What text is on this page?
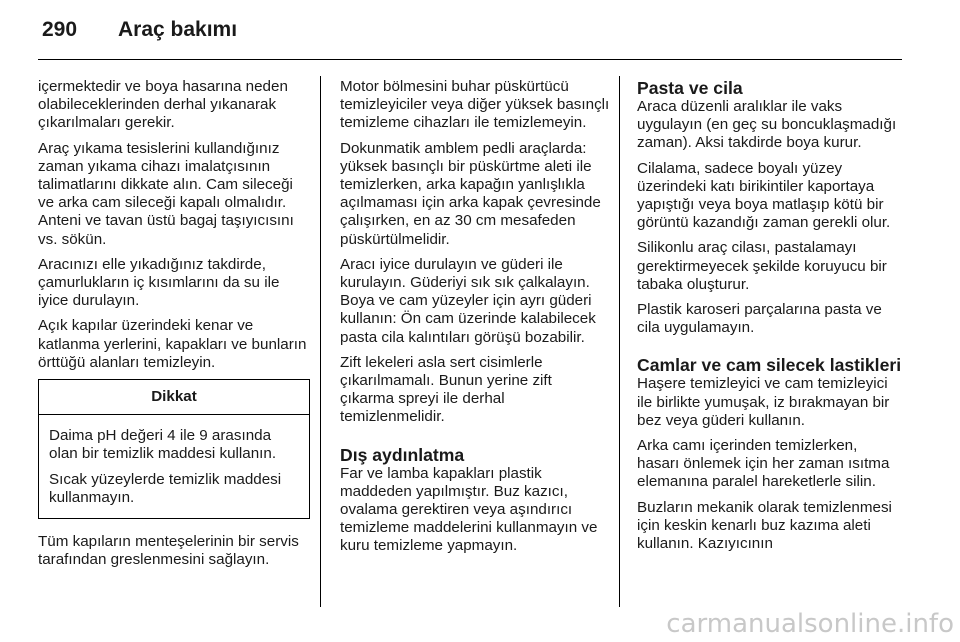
290 Araç bakımı

içermektedir ve boya hasarına neden olabileceklerinden derhal yıkanarak çıkarılmaları gerekir.

Araç yıkama tesislerini kullandığınız zaman yıkama cihazı imalatçısının talimatlarını dikkate alın. Cam sileceği ve arka cam sileceği kapalı olmalıdır. Anteni ve tavan üstü bagaj taşıyıcısını vs. sökün.

Aracınızı elle yıkadığınız takdirde, çamurlukların iç kısımlarını da su ile iyice durulayın.

Açık kapılar üzerindeki kenar ve katlanma yerlerini, kapakları ve bunların örttüğü alanları temizleyin.

Dikkat

Daima pH değeri 4 ile 9 arasında olan bir temizlik maddesi kullanın.

Sıcak yüzeylerde temizlik maddesi kullanmayın.

Tüm kapıların menteşelerinin bir servis tarafından greslenmesini sağlayın.

Motor bölmesini buhar püskürtücü temizleyiciler veya diğer yüksek basınçlı temizleme cihazları ile temizlemeyin.

Dokunmatik amblem pedli araçlarda: yüksek basınçlı bir püskürtme aleti ile temizlerken, arka kapağın yanlışlıkla açılmaması için arka kapak çevresinde çalışırken, en az 30 cm mesafeden püskürtülmelidir.

Aracı iyice durulayın ve güderi ile kurulayın. Güderiyi sık sık çalkalayın. Boya ve cam yüzeyler için ayrı güderi kullanın: Ön cam üzerinde kalabilecek pasta cila kalıntıları görüşü bozabilir.

Zift lekeleri asla sert cisimlerle çıkarılmamalı. Bunun yerine zift çıkarma spreyi ile derhal temizlenmelidir.

Dış aydınlatma

Far ve lamba kapakları plastik maddeden yapılmıştır. Buz kazıcı, ovalama gerektiren veya aşındırıcı temizleme maddelerini kullanmayın ve kuru temizleme yapmayın.

Pasta ve cila

Araca düzenli aralıklar ile vaks uygulayın (en geç su boncuklaşmadığı zaman). Aksi takdirde boya kurur.

Cilalama, sadece boyalı yüzey üzerindeki katı birikintiler kaportaya yapıştığı veya boya matlaşıp kötü bir görüntü kazandığı zaman gerekli olur.

Silikonlu araç cilası, pastalamayı gerektirmeyecek şekilde koruyucu bir tabaka oluşturur.

Plastik karoseri parçalarına pasta ve cila uygulamayın.

Camlar ve cam silecek lastikleri

Haşere temizleyici ve cam temizleyici ile birlikte yumuşak, iz bırakmayan bir bez veya güderi kullanın.

Arka camı içerinden temizlerken, hasarı önlemek için her zaman ısıtma elemanına paralel hareketlerle silin.

Buzların mekanik olarak temizlenmesi için keskin kenarlı buz kazıma aleti kullanın. Kazıyıcının

carmanualsonline.info
